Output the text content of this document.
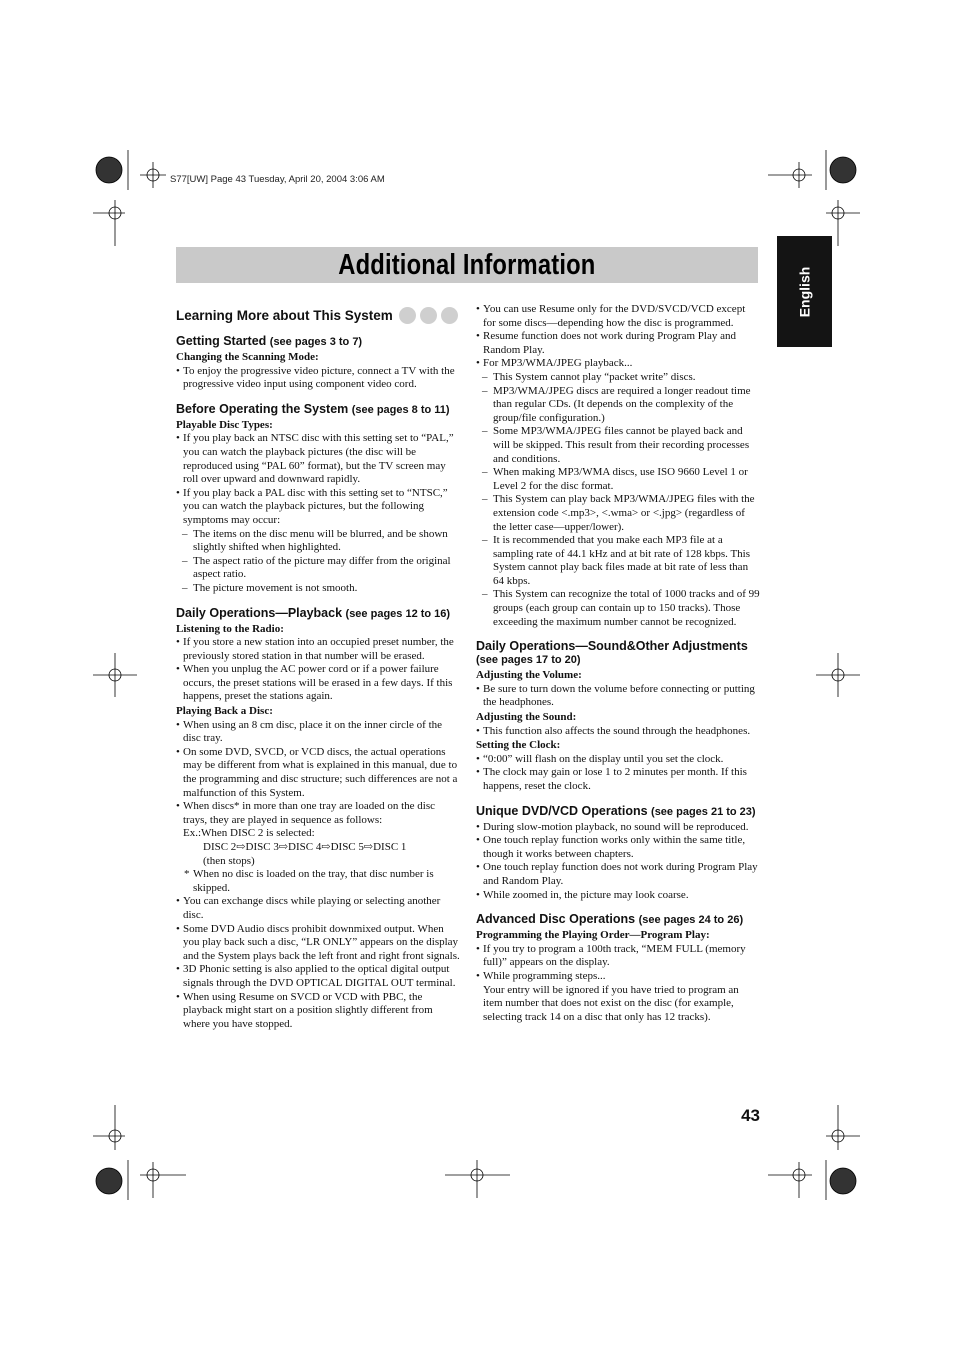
S77[UW] Page 43 Tuesday, April 20, 2004 3:06 AM
Additional Information
English
Learning More about This System
Getting Started (see pages 3 to 7)
Changing the Scanning Mode:
• To enjoy the progressive video picture, connect a TV with the progressive video input using component video cord.
Before Operating the System (see pages 8 to 11)
Playable Disc Types:
• If you play back an NTSC disc with this setting set to “PAL,” you can watch the playback pictures (the disc will be reproduced using “PAL 60” format), but the TV screen may roll over upward and downward rapidly.
• If you play back a PAL disc with this setting set to “NTSC,” you can watch the playback pictures, but the following symptoms may occur:
– The items on the disc menu will be blurred, and be shown slightly shifted when highlighted.
– The aspect ratio of the picture may differ from the original aspect ratio.
– The picture movement is not smooth.
Daily Operations—Playback (see pages 12 to 16)
Listening to the Radio:
• If you store a new station into an occupied preset number, the previously stored station in that number will be erased.
• When you unplug the AC power cord or if a power failure occurs, the preset stations will be erased in a few days. If this happens, preset the stations again.
Playing Back a Disc:
• When using an 8 cm disc, place it on the inner circle of the disc tray.
• On some DVD, SVCD, or VCD discs, the actual operations may be different from what is explained in this manual, due to the programming and disc structure; such differences are not a malfunction of this System.
• When discs* in more than one tray are loaded on the disc trays, they are played in sequence as follows:
Ex.:When DISC 2 is selected:
DISC 2⇨DISC 3⇨DISC 4⇨DISC 5⇨DISC 1
(then stops)
* When no disc is loaded on the tray, that disc number is skipped.
• You can exchange discs while playing or selecting another disc.
• Some DVD Audio discs prohibit downmixed output. When you play back such a disc, “LR ONLY” appears on the display and the System plays back the left front and right front signals.
• 3D Phonic setting is also applied to the optical digital output signals through the DVD OPTICAL DIGITAL OUT terminal.
• When using Resume on SVCD or VCD with PBC, the playback might start on a position slightly different from where you have stopped.
• You can use Resume only for the DVD/SVCD/VCD except for some discs—depending how the disc is programmed.
• Resume function does not work during Program Play and Random Play.
• For MP3/WMA/JPEG playback...
– This System cannot play “packet write” discs.
– MP3/WMA/JPEG discs are required a longer readout time than regular CDs. (It depends on the complexity of the group/file configuration.)
– Some MP3/WMA/JPEG files cannot be played back and will be skipped. This result from their recording processes and conditions.
– When making MP3/WMA discs, use ISO 9660 Level 1 or Level 2 for the disc format.
– This System can play back MP3/WMA/JPEG files with the extension code <.mp3>, <.wma> or <.jpg> (regardless of the letter case—upper/lower).
– It is recommended that you make each MP3 file at a sampling rate of 44.1 kHz and at bit rate of 128 kbps. This System cannot play back files made at bit rate of less than 64 kbps.
– This System can recognize the total of 1000 tracks and of 99 groups (each group can contain up to 150 tracks). Those exceeding the maximum number cannot be recognized.
Daily Operations—Sound&Other Adjustments
(see pages 17 to 20)
Adjusting the Volume:
• Be sure to turn down the volume before connecting or putting the headphones.
Adjusting the Sound:
• This function also affects the sound through the headphones.
Setting the Clock:
• “0:00” will flash on the display until you set the clock.
• The clock may gain or lose 1 to 2 minutes per month. If this happens, reset the clock.
Unique DVD/VCD Operations (see pages 21 to 23)
• During slow-motion playback, no sound will be reproduced.
• One touch replay function works only within the same title, though it works between chapters.
• One touch replay function does not work during Program Play and Random Play.
• While zoomed in, the picture may look coarse.
Advanced Disc Operations (see pages 24 to 26)
Programming the Playing Order—Program Play:
• If you try to program a 100th track, “MEM FULL (memory full)” appears on the display.
• While programming steps...
Your entry will be ignored if you have tried to program an item number that does not exist on the disc (for example, selecting track 14 on a disc that only has 12 tracks).
43
